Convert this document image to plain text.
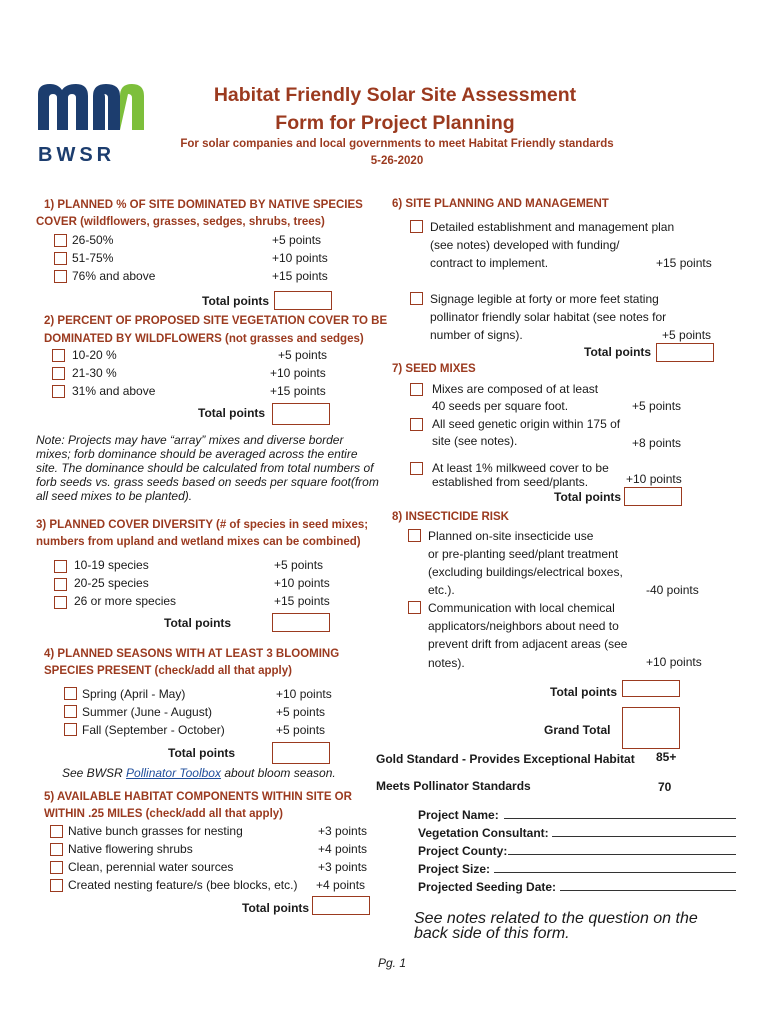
BWSR
Habitat Friendly Solar Site Assessment
Form for Project Planning
For solar companies and local governments to meet Habitat Friendly standards
5-26-2020
1) PLANNED % OF SITE DOMINATED BY NATIVE SPECIES
COVER (wildflowers, grasses, sedges, shrubs, trees)
26-50%	+5 points
51-75%	+10 points
76% and above	+15 points
Total points
2) PERCENT OF PROPOSED SITE VEGETATION COVER TO BE
DOMINATED BY WILDFLOWERS (not grasses and sedges)
10-20 %	+5 points
21-30 %	+10 points
31% and above	+15 points
Total points
Note: Projects may have “array” mixes and diverse border
mixes; forb dominance should be averaged across the entire
site. The dominance should be calculated from total numbers of
forb seeds vs. grass seeds based on seeds per square foot(from
all seed mixes to be planted).
3) PLANNED COVER DIVERSITY (# of species in seed mixes;
numbers from upland and wetland mixes can be combined)
10-19 species	+5 points
20-25 species	+10 points
26 or more species	+15 points
Total points
4) PLANNED SEASONS WITH AT LEAST 3 BLOOMING
SPECIES PRESENT (check/add all that apply)
Spring (April - May)	+10 points
Summer (June - August)	+5 points
Fall (September - October)	+5 points
Total points
See BWSR Pollinator Toolbox about bloom season.
5) AVAILABLE HABITAT COMPONENTS WITHIN SITE OR
WITHIN .25 MILES (check/add all that apply)
Native bunch grasses for nesting	+3 points
Native flowering shrubs	+4 points
Clean, perennial water sources	+3 points
Created nesting feature/s (bee blocks, etc.) +4 points
Total points
6) SITE PLANNING AND MANAGEMENT
Detailed establishment and management plan
(see notes) developed with funding/
contract to implement.	+15 points
Signage legible at forty or more feet stating
pollinator friendly solar habitat (see notes for
number of signs).	+5 points
Total points
7) SEED MIXES
Mixes are composed of at least
40 seeds per square foot.	+5 points
All seed genetic origin within 175 of
site (see notes).	+8 points
At least 1% milkweed cover to be
established from seed/plants.	+10 points
Total points
8) INSECTICIDE RISK
Planned on-site insecticide use
or pre-planting seed/plant treatment
(excluding buildings/electrical boxes,
etc.).	-40 points
Communication with local chemical
applicators/neighbors about need to
prevent drift from adjacent areas (see
notes).	+10 points
Total points
Grand Total
Gold Standard - Provides Exceptional Habitat 85+
Meets Pollinator Standards	70
Project Name:
Vegetation Consultant:
Project County:
Project Size:
Projected Seeding Date:
See notes related to the question on the
back side of this form.
Pg. 1
